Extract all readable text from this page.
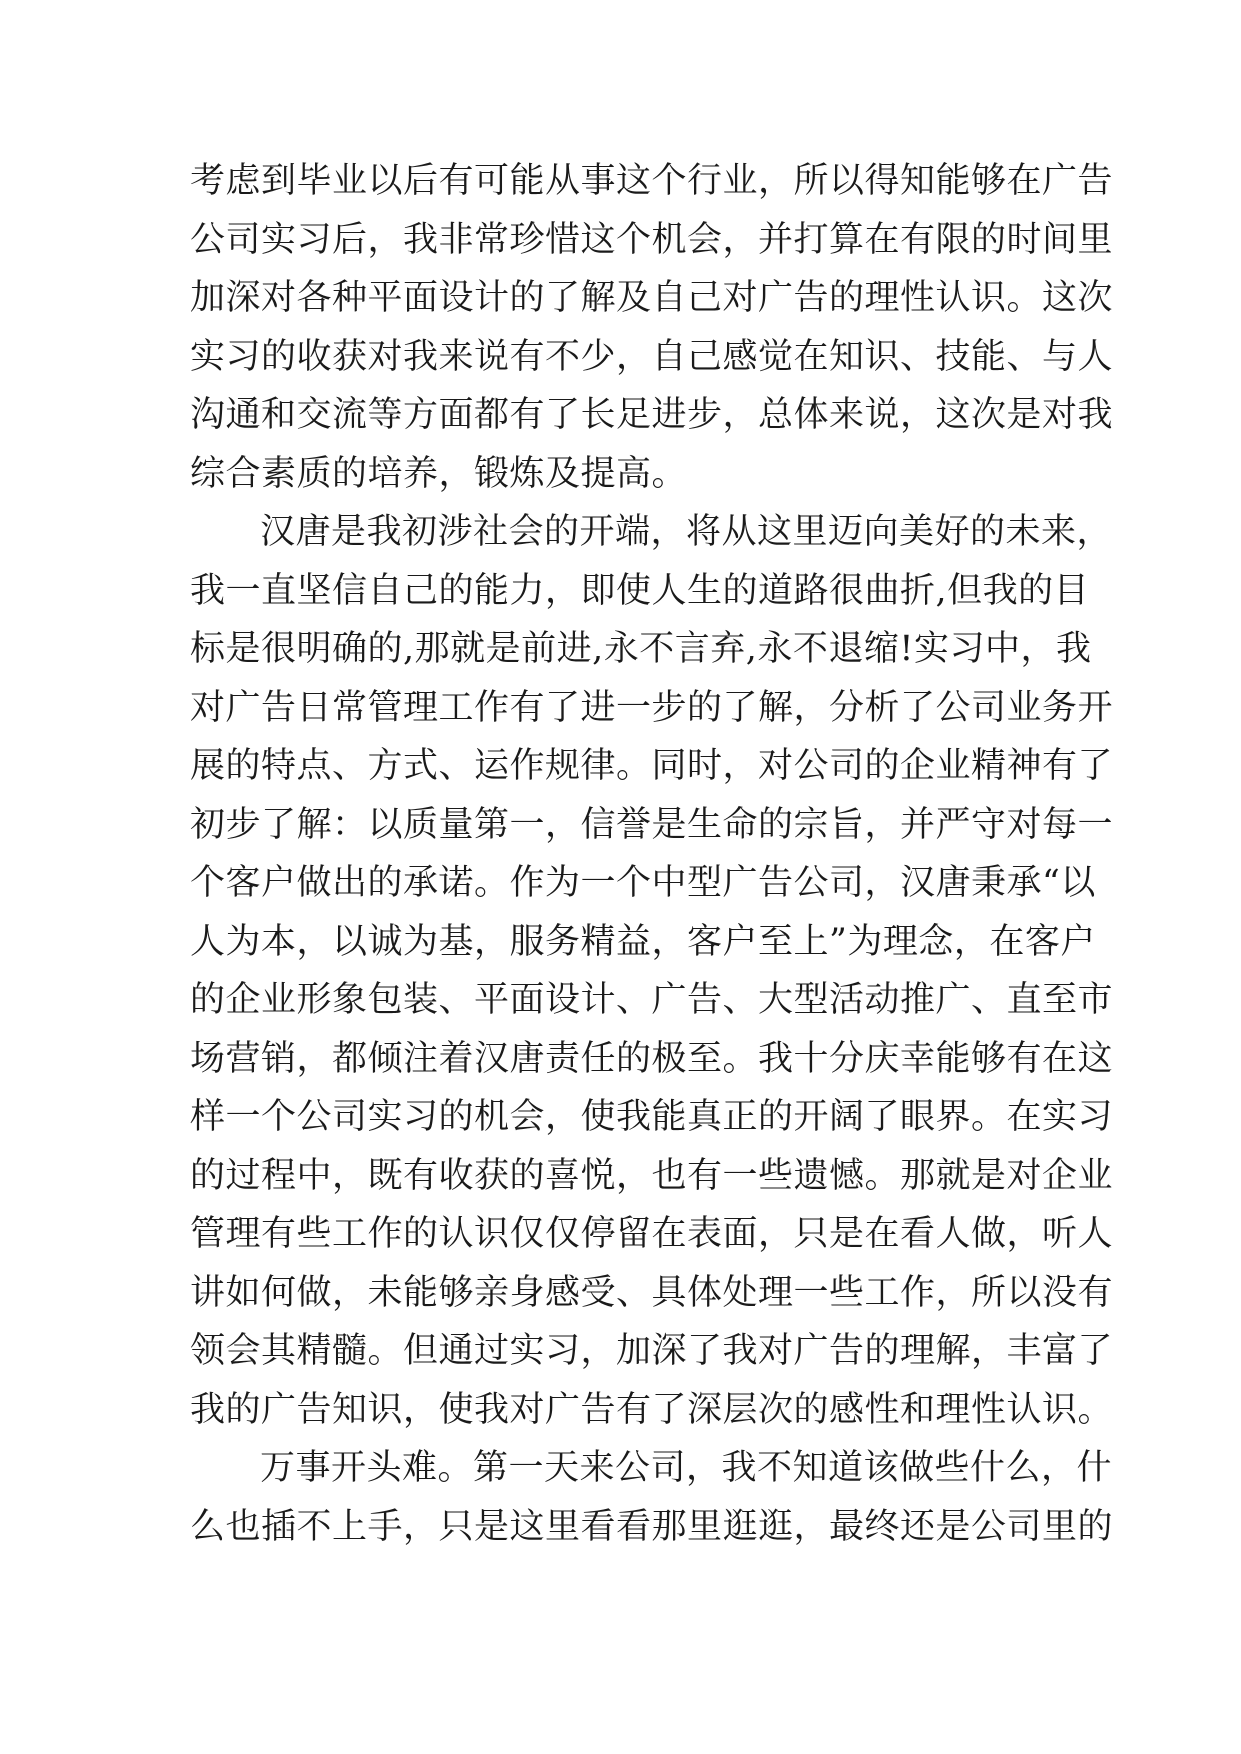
考虑到毕业以后有可能从事这个行业，所以得知能够在广告
公司实习后，我非常珍惜这个机会，并打算在有限的时间里
加深对各种平面设计的了解及自己对广告的理性认识。这次
实习的收获对我来说有不少，自己感觉在知识、技能、与人
沟通和交流等方面都有了长足进步，总体来说，这次是对我
综合素质的培养，锻炼及提高。

汉唐是我初涉社会的开端，将从这里迈向美好的未来，
我一直坚信自己的能力，即使人生的道路很曲折,但我的目
标是很明确的,那就是前进,永不言弃,永不退缩!实习中，我
对广告日常管理工作有了进一步的了解，分析了公司业务开
展的特点、方式、运作规律。同时，对公司的企业精神有了
初步了解：以质量第一，信誉是生命的宗旨，并严守对每一
个客户做出的承诺。作为一个中型广告公司，汉唐秉承“以
人为本，以诚为基，服务精益，客户至上”为理念，在客户
的企业形象包装、平面设计、广告、大型活动推广、直至市
场营销，都倾注着汉唐责任的极至。我十分庆幸能够有在这
样一个公司实习的机会，使我能真正的开阔了眼界。在实习
的过程中，既有收获的喜悦，也有一些遗憾。那就是对企业
管理有些工作的认识仅仅停留在表面，只是在看人做，听人
讲如何做，未能够亲身感受、具体处理一些工作，所以没有
领会其精髓。但通过实习，加深了我对广告的理解，丰富了
我的广告知识，使我对广告有了深层次的感性和理性认识。

万事开头难。第一天来公司，我不知道该做些什么，什
么也插不上手，只是这里看看那里逛逛，最终还是公司里的
